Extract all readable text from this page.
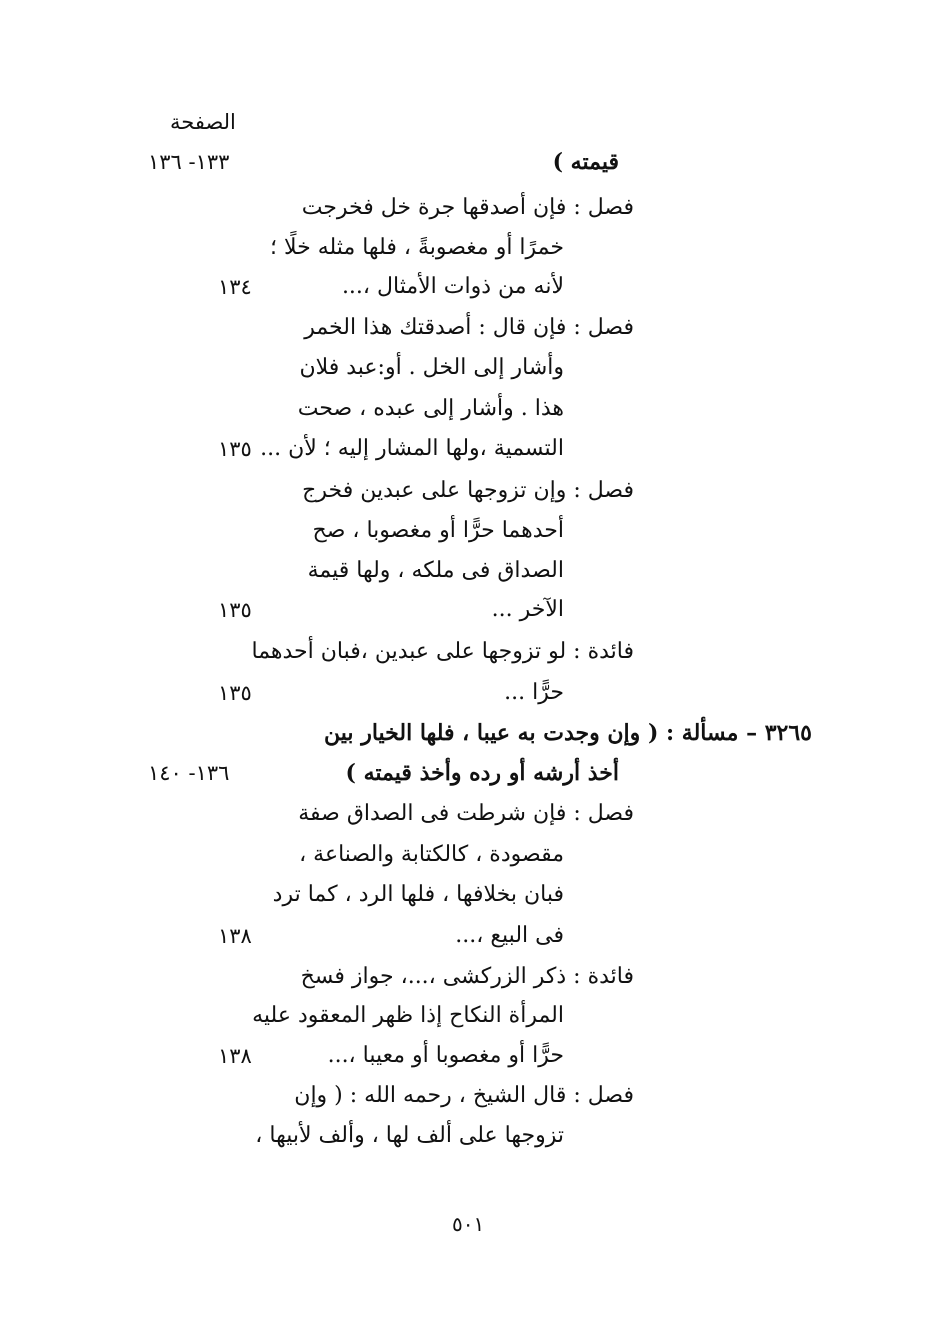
الصفحة
قيمته )
فصل : فإن أصدقها جرة خل فخرجت
خمرًا أو مغصوبةً ، فلها مثله خلًا ؛
لأنه من ذوات الأمثال ،...
فصل : فإن قال : أصدقتك هذا الخمر
وأشار إلى الخل . أو:عبد فلان
هذا . وأشار إلى عبده ، صحت
التسمية ،ولها المشار إليه ؛ لأن ...
فصل : وإن تزوجها على عبدين فخرج
أحدهما حرًّا أو مغصوبا ، صح
الصداق فى ملكه ، ولها قيمة
الآخر ...
فائدة : لو تزوجها على عبدين ،فبان أحدهما
حرًّا ...
٣٢٦٥ – مسألة : ( وإن وجدت به عيبا ، فلها الخيار بين
أخذ أرشه أو رده وأخذ قيمته )
فصل : فإن شرطت فى الصداق صفة
مقصودة ، كالكتابة والصناعة ،
فبان بخلافها ، فلها الرد ، كما ترد
فى البيع ،...
فائدة : ذكر الزركشى ،...، جواز فسخ
المرأة النكاح إذا ظهر المعقود عليه
حرًّا أو مغصوبا أو معيبا ،...
فصل : قال الشيخ ، رحمه الله : ( وإن
تزوجها على ألف لها ، وألف لأبيها ،
١٣٣- ١٣٦
١٣٤
١٣٥
١٣٥
١٣٥
١٣٦- ١٤٠
١٣٨
١٣٨
٥٠١
